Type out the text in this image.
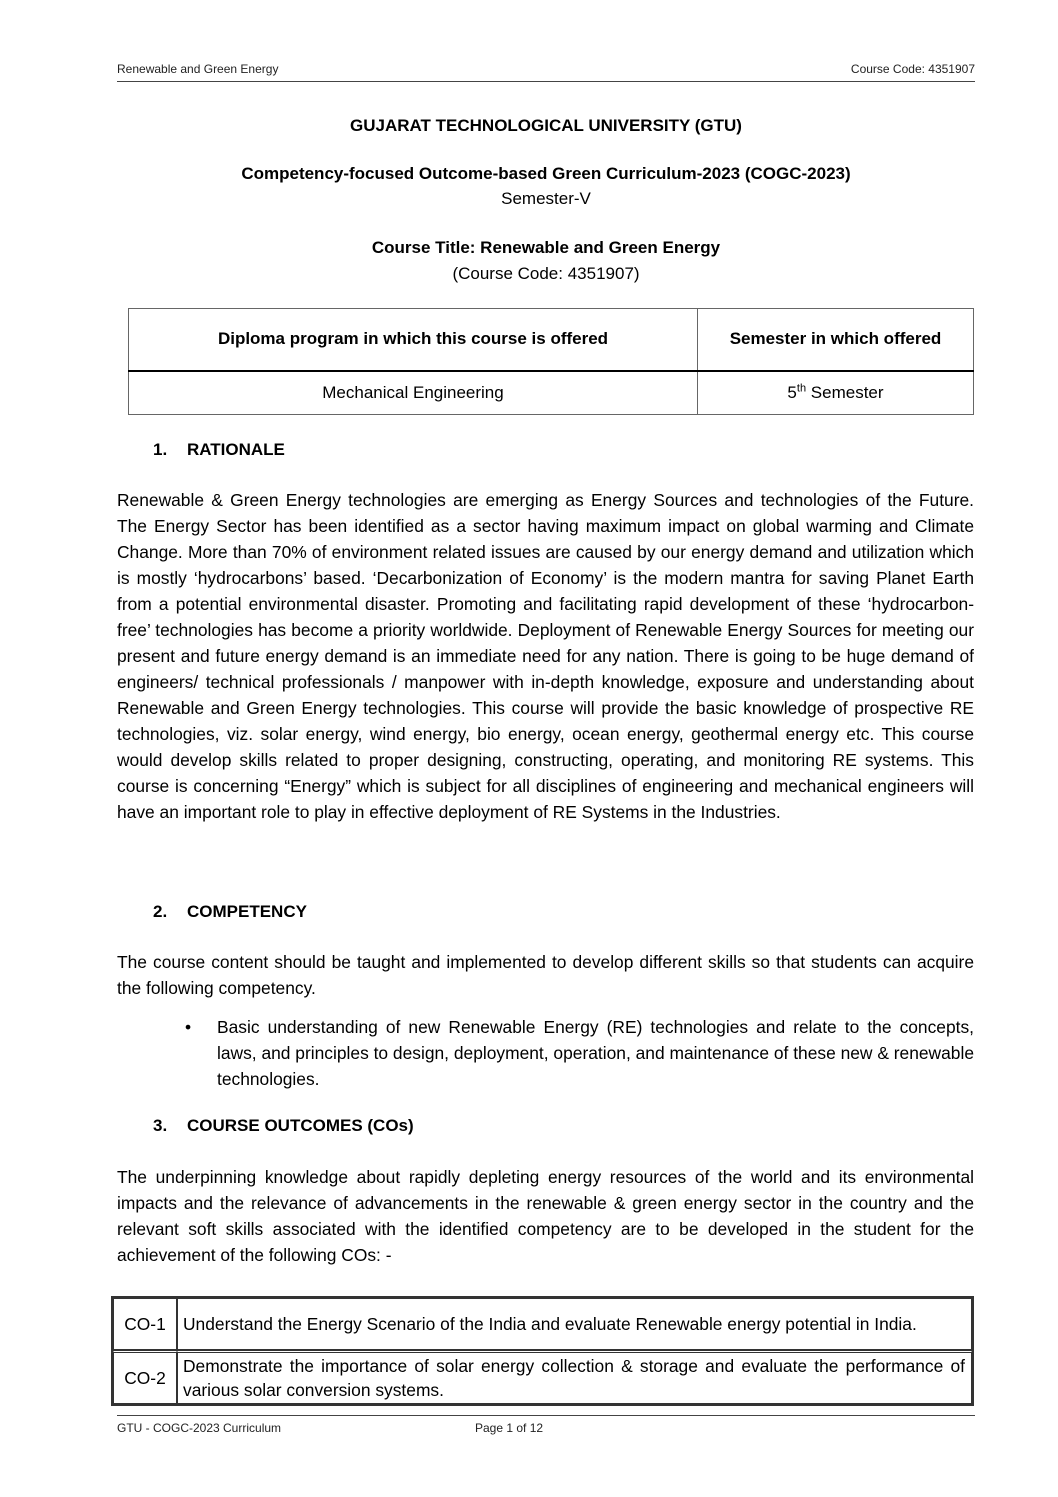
Renewable and Green Energy	Course Code: 4351907
GUJARAT TECHNOLOGICAL UNIVERSITY (GTU)
Competency-focused Outcome-based Green Curriculum-2023 (COGC-2023)
Semester-V
Course Title: Renewable and Green Energy
(Course Code: 4351907)
Diploma program in which this course is offered	Semester in which offered
Mechanical Engineering	5th Semester
1. RATIONALE

Renewable & Green Energy technologies are emerging as Energy Sources and technologies of the Future. The Energy Sector has been identified as a sector having maximum impact on global warming and Climate Change. More than 70% of environment related issues are caused by our energy demand and utilization which is mostly ‘hydrocarbons’ based. ‘Decarbonization of Economy’ is the modern mantra for saving Planet Earth from a potential environmental disaster. Promoting and facilitating rapid development of these ‘hydrocarbon-free’ technologies has become a priority worldwide. Deployment of Renewable Energy Sources for meeting our present and future energy demand is an immediate need for any nation. There is going to be huge demand of engineers/ technical professionals / manpower with in-depth knowledge, exposure and understanding about Renewable and Green Energy technologies. This course will provide the basic knowledge of prospective RE technologies, viz. solar energy, wind energy, bio energy, ocean energy, geothermal energy etc. This course would develop skills related to proper designing, constructing, operating, and monitoring RE systems. This course is concerning “Energy” which is subject for all disciplines of engineering and mechanical engineers will have an important role to play in effective deployment of RE Systems in the Industries.

2. COMPETENCY

The course content should be taught and implemented to develop different skills so that students can acquire the following competency.

• Basic understanding of new Renewable Energy (RE) technologies and relate to the concepts, laws, and principles to design, deployment, operation, and maintenance of these new & renewable technologies.
3. COURSE OUTCOMES (COs)

The underpinning knowledge about rapidly depleting energy resources of the world and its environmental impacts and the relevance of advancements in the renewable & green energy sector in the country and the relevant soft skills associated with the identified competency are to be developed in the student for the achievement of the following COs: -

CO-1	Understand the Energy Scenario of the India and evaluate Renewable energy potential in India.
CO-2	Demonstrate the importance of solar energy collection & storage and evaluate the performance of various solar conversion systems.
GTU - COGC-2023 Curriculum	Page 1 of 12
